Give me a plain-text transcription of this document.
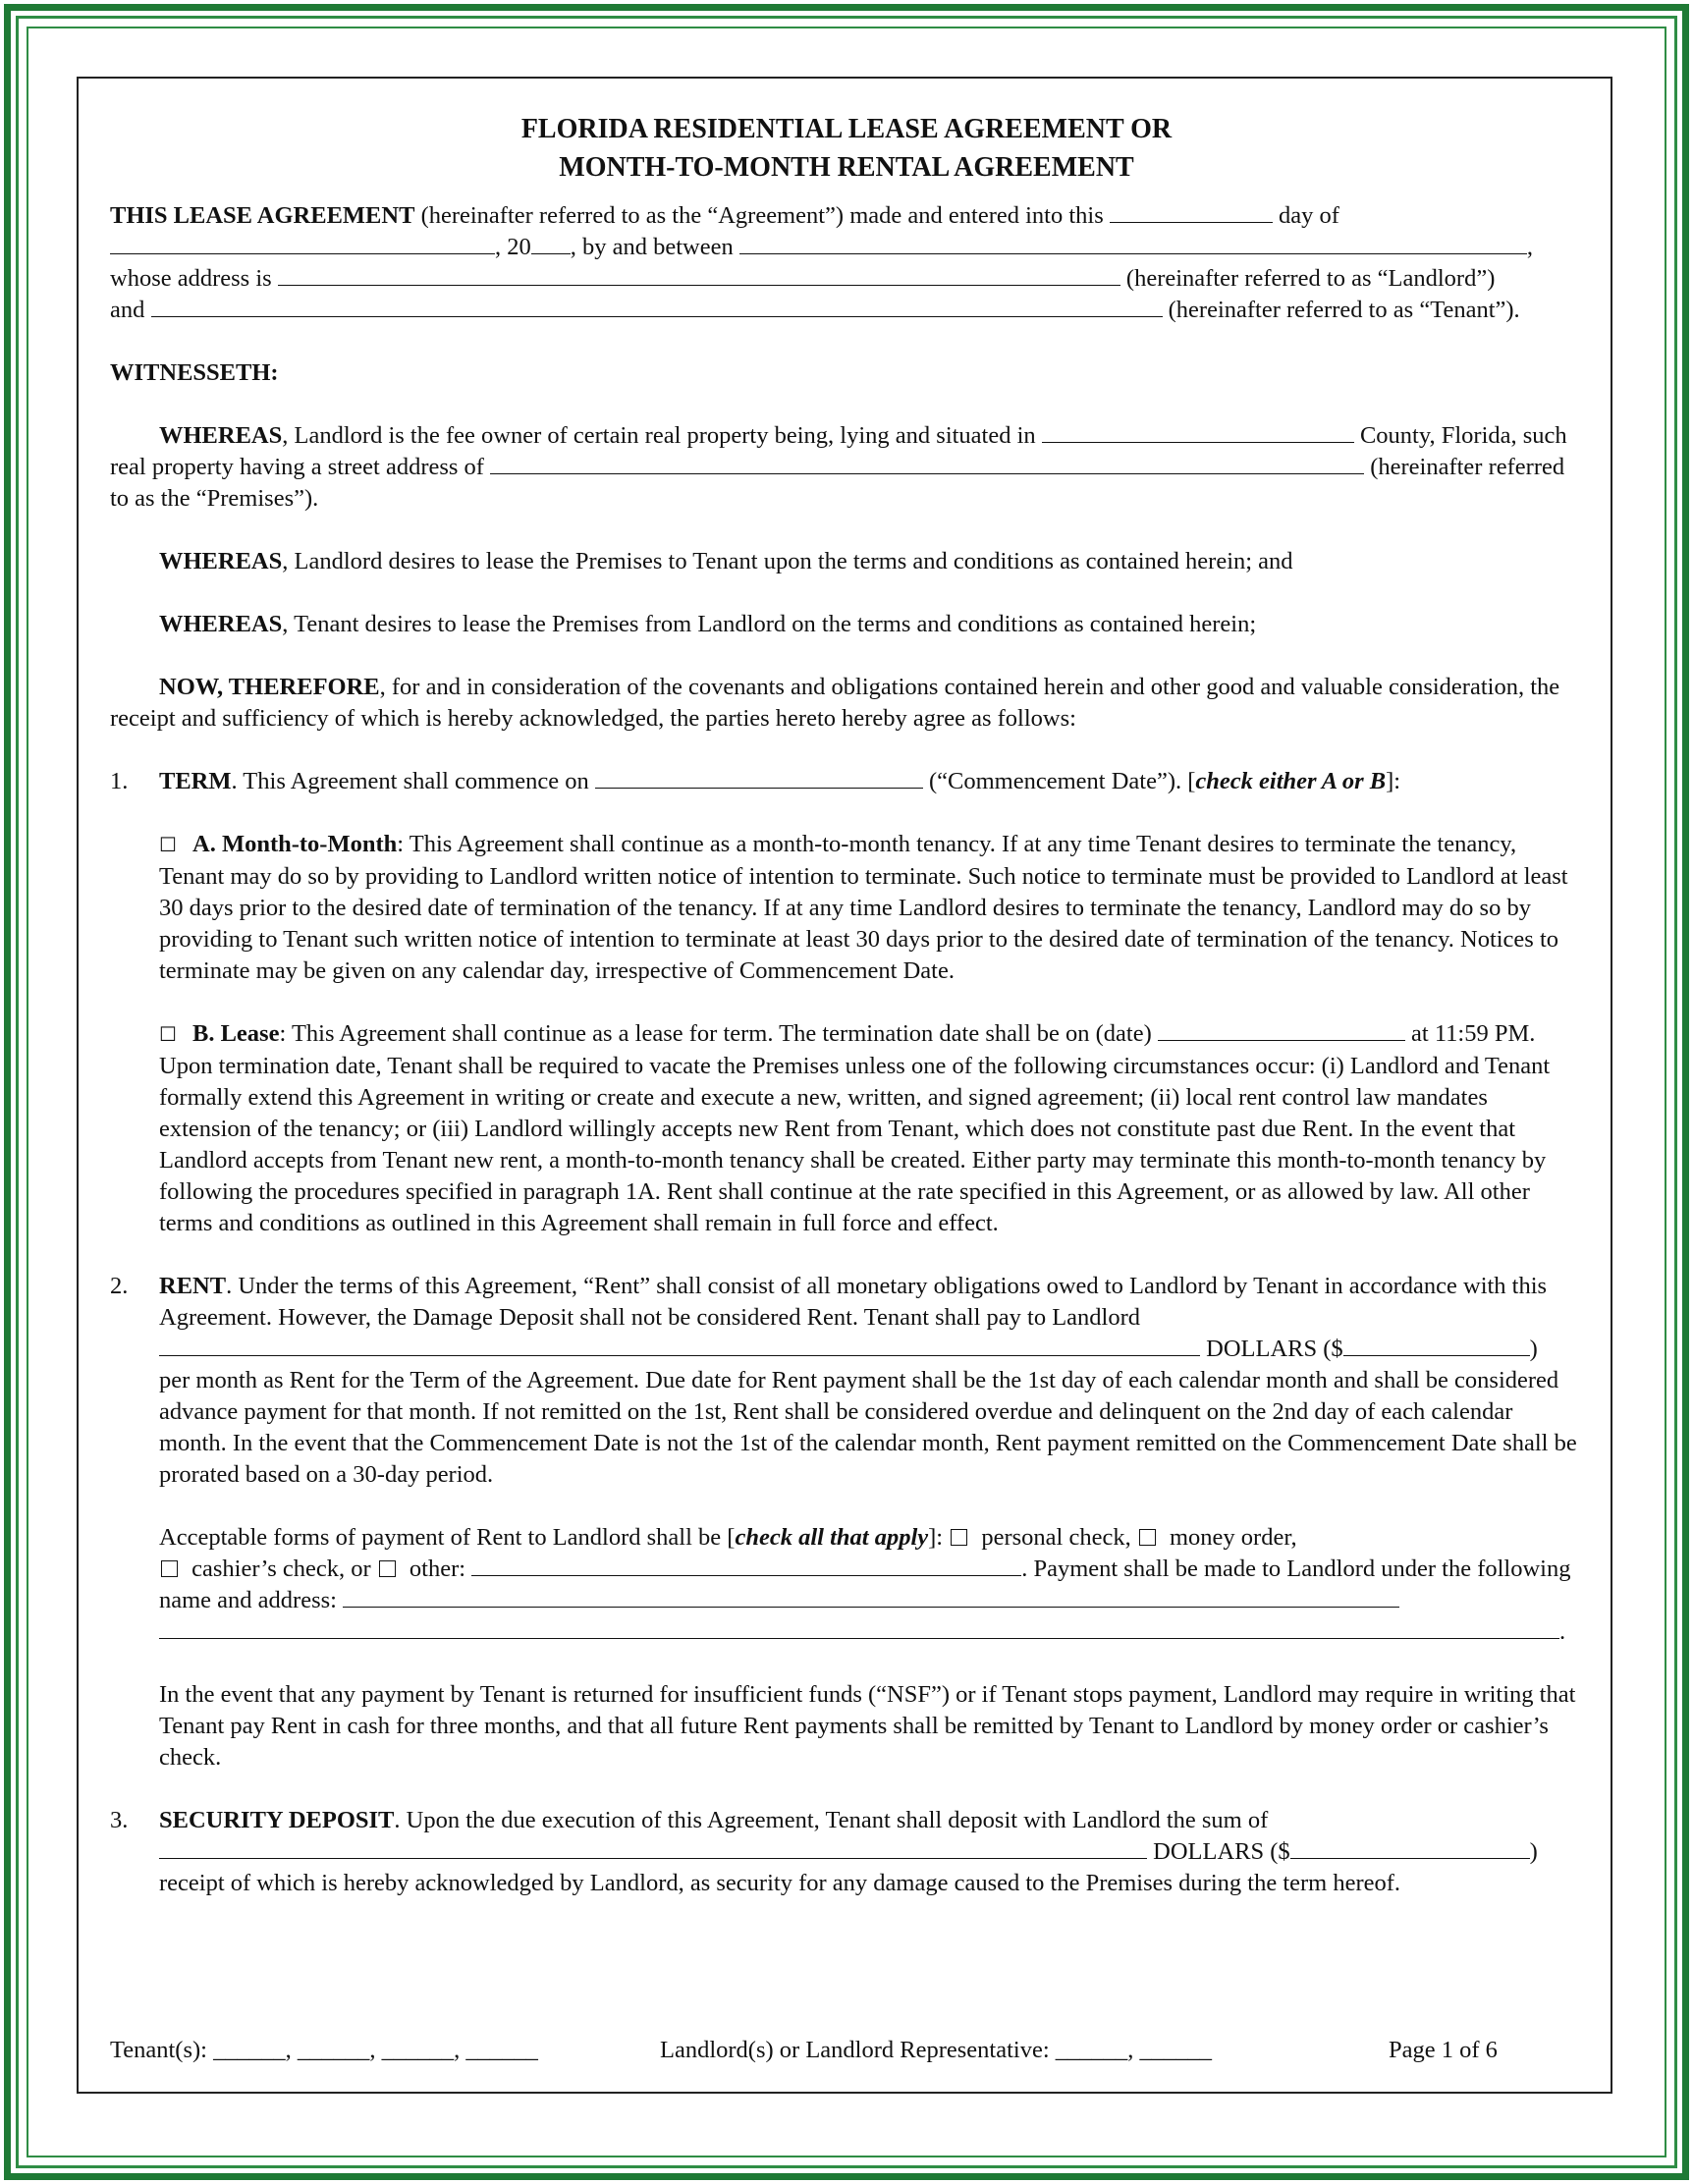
FLORIDA RESIDENTIAL LEASE AGREEMENT OR
MONTH-TO-MONTH RENTAL AGREEMENT

THIS LEASE AGREEMENT (hereinafter referred to as the “Agreement”) made and entered into this	day of
, 20 , by and between	,
whose address is	(hereinafter referred to as “Landlord”)
and	(hereinafter referred to as “Tenant”).

WITNESSETH:

WHEREAS, Landlord is the fee owner of certain real property being, lying and situated in	County, Florida, such real property having a street address of	(hereinafter referred to as the “Premises”).

WHEREAS, Landlord desires to lease the Premises to Tenant upon the terms and conditions as contained herein; and

WHEREAS, Tenant desires to lease the Premises from Landlord on the terms and conditions as contained herein;

NOW, THEREFORE, for and in consideration of the covenants and obligations contained herein and other good and valuable consideration, the receipt and sufficiency of which is hereby acknowledged, the parties hereto hereby agree as follows:

1. TERM. This Agreement shall commence on	(“Commencement Date”). [check either A or B]:

☐ A. Month-to-Month: This Agreement shall continue as a month-to-month tenancy. If at any time Tenant desires to terminate the tenancy, Tenant may do so by providing to Landlord written notice of intention to terminate. Such notice to terminate must be provided to Landlord at least 30 days prior to the desired date of termination of the tenancy. If at any time Landlord desires to terminate the tenancy, Landlord may do so by providing to Tenant such written notice of intention to terminate at least 30 days prior to the desired date of termination of the tenancy. Notices to terminate may be given on any calendar day, irrespective of Commencement Date.

☐ B. Lease: This Agreement shall continue as a lease for term. The termination date shall be on (date)	at 11:59 PM. Upon termination date, Tenant shall be required to vacate the Premises unless one of the following circumstances occur: (i) Landlord and Tenant formally extend this Agreement in writing or create and execute a new, written, and signed agreement; (ii) local rent control law mandates extension of the tenancy; or (iii) Landlord willingly accepts new Rent from Tenant, which does not constitute past due Rent. In the event that Landlord accepts from Tenant new rent, a month-to-month tenancy shall be created. Either party may terminate this month-to-month tenancy by following the procedures specified in paragraph 1A. Rent shall continue at the rate specified in this Agreement, or as allowed by law. All other terms and conditions as outlined in this Agreement shall remain in full force and effect.

2. RENT. Under the terms of this Agreement, “Rent” shall consist of all monetary obligations owed to Landlord by Tenant in accordance with this Agreement. However, the Damage Deposit shall not be considered Rent. Tenant shall pay to Landlord
DOLLARS ($	)
per month as Rent for the Term of the Agreement. Due date for Rent payment shall be the 1st day of each calendar month and shall be considered advance payment for that month. If not remitted on the 1st, Rent shall be considered overdue and delinquent on the 2nd day of each calendar month. In the event that the Commencement Date is not the 1st of the calendar month, Rent payment remitted on the Commencement Date shall be prorated based on a 30-day period.

Acceptable forms of payment of Rent to Landlord shall be [check all that apply]:  personal check,  money order,
cashier’s check, or  other:	. Payment shall be made to Landlord under the following name and address:
.

In the event that any payment by Tenant is returned for insufficient funds (“NSF”) or if Tenant stops payment, Landlord may require in writing that Tenant pay Rent in cash for three months, and that all future Rent payments shall be remitted by Tenant to Landlord by money order or cashier’s check.

3. SECURITY DEPOSIT. Upon the due execution of this Agreement, Tenant shall deposit with Landlord the sum of
DOLLARS ($	)
receipt of which is hereby acknowledged by Landlord, as security for any damage caused to the Premises during the term hereof.

Tenant(s): ______, ______, ______, ______	Landlord(s) or Landlord Representative: ______, ______	Page 1 of 6
